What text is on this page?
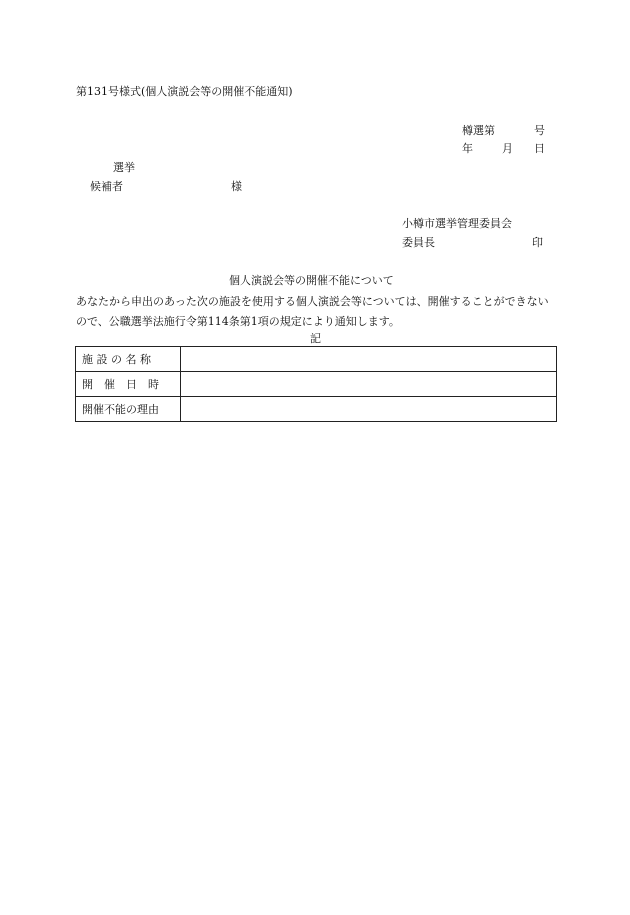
第131号様式(個人演説会等の開催不能通知)
樽選第	号
年	月 日
選挙
候補者	様
小樽市選挙管理委員会
委員長	印
個人演説会等の開催不能について
あなたから申出のあった次の施設を使用する個人演説会等については、開催することができないので、公職選挙法施行令第114条第1項の規定により通知します。
記
施 設 の 名 称	
開　催　日　時	
開催不能の理由	
